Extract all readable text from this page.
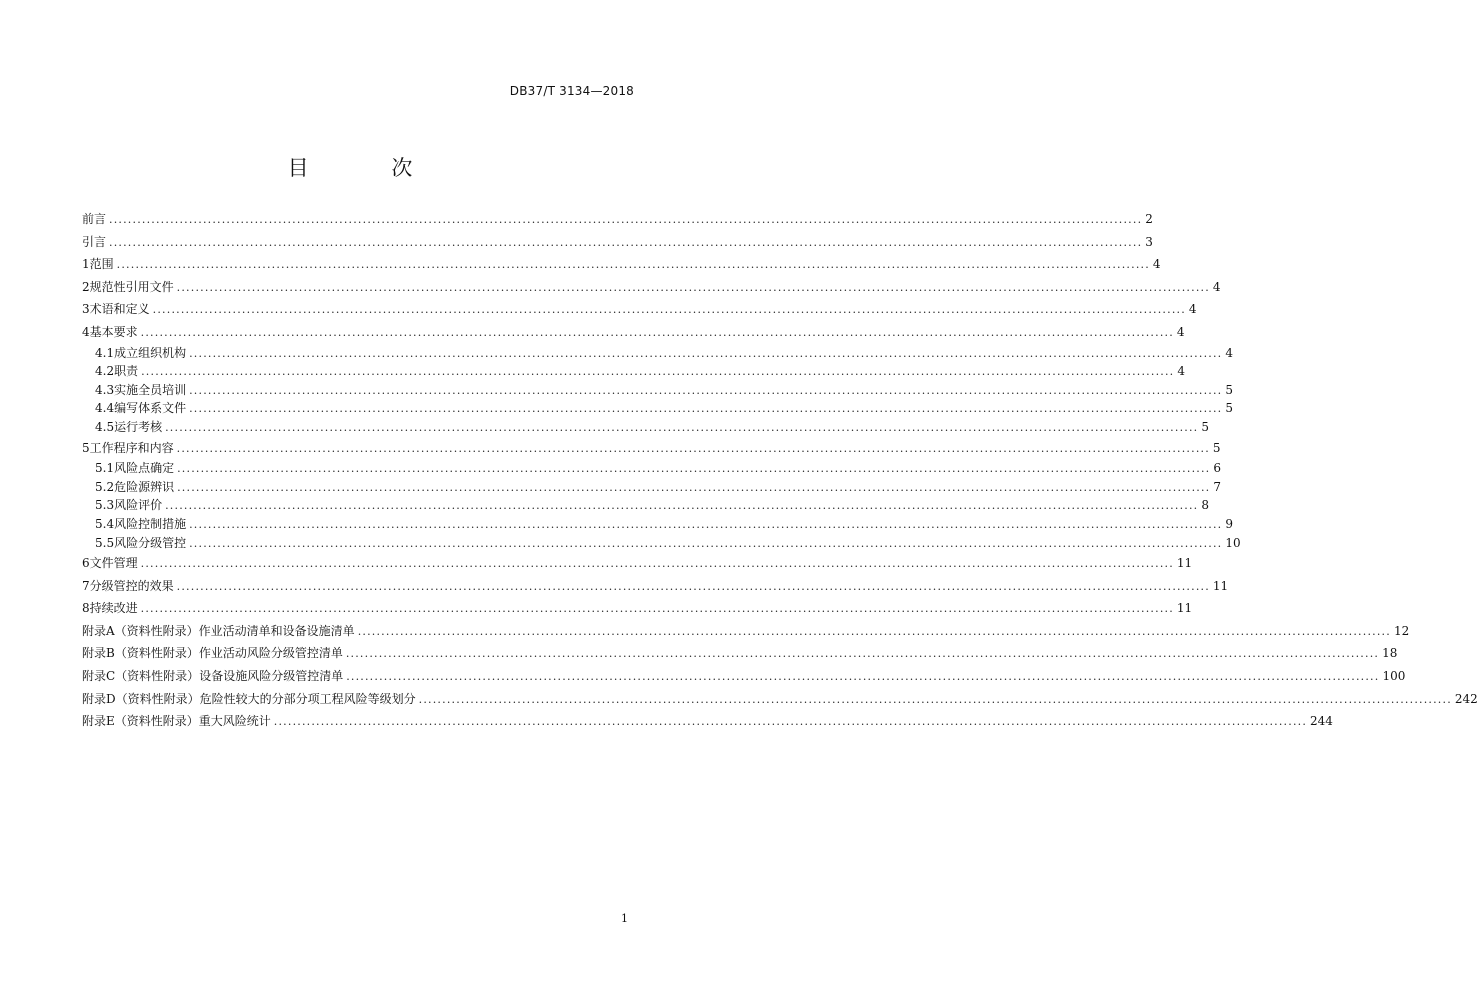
DB37/T 3134—2018
目 次
前言 ............................................................................................................................................................................................................................ 2
引言 ............................................................................................................................................................................................................................ 3
1 范围 ............................................................................................................................................................................................................................ 4
2 规范性引用文件 ............................................................................................................................................................................................................................ 4
3 术语和定义 ............................................................................................................................................................................................................................ 4
4 基本要求 ............................................................................................................................................................................................................................ 4
4.1 成立组织机构 ............................................................................................................................................................................................................................ 4
4.2 职责 ............................................................................................................................................................................................................................ 4
4.3 实施全员培训 ............................................................................................................................................................................................................................ 5
4.4 编写体系文件 ............................................................................................................................................................................................................................ 5
4.5 运行考核 ............................................................................................................................................................................................................................ 5
5 工作程序和内容 ............................................................................................................................................................................................................................ 5
5.1 风险点确定 ............................................................................................................................................................................................................................ 6
5.2 危险源辨识 ............................................................................................................................................................................................................................ 7
5.3 风险评价 ............................................................................................................................................................................................................................ 8
5.4 风险控制措施 ............................................................................................................................................................................................................................ 9
5.5 风险分级管控 ............................................................................................................................................................................................................................ 10
6 文件管理 ............................................................................................................................................................................................................................ 11
7 分级管控的效果 ............................................................................................................................................................................................................................ 11
8 持续改进 ............................................................................................................................................................................................................................ 11
附录A（资料性附录） 作业活动清单和设备设施清单 ............................................................................................................................................................................................................................ 12
附录B（资料性附录） 作业活动风险分级管控清单 ............................................................................................................................................................................................................................ 18
附录C（资料性附录） 设备设施风险分级管控清单 ............................................................................................................................................................................................................................ 100
附录D（资料性附录） 危险性较大的分部分项工程风险等级划分 ............................................................................................................................................................................................................................ 242
附录E（资料性附录） 重大风险统计 ............................................................................................................................................................................................................................ 244
1
